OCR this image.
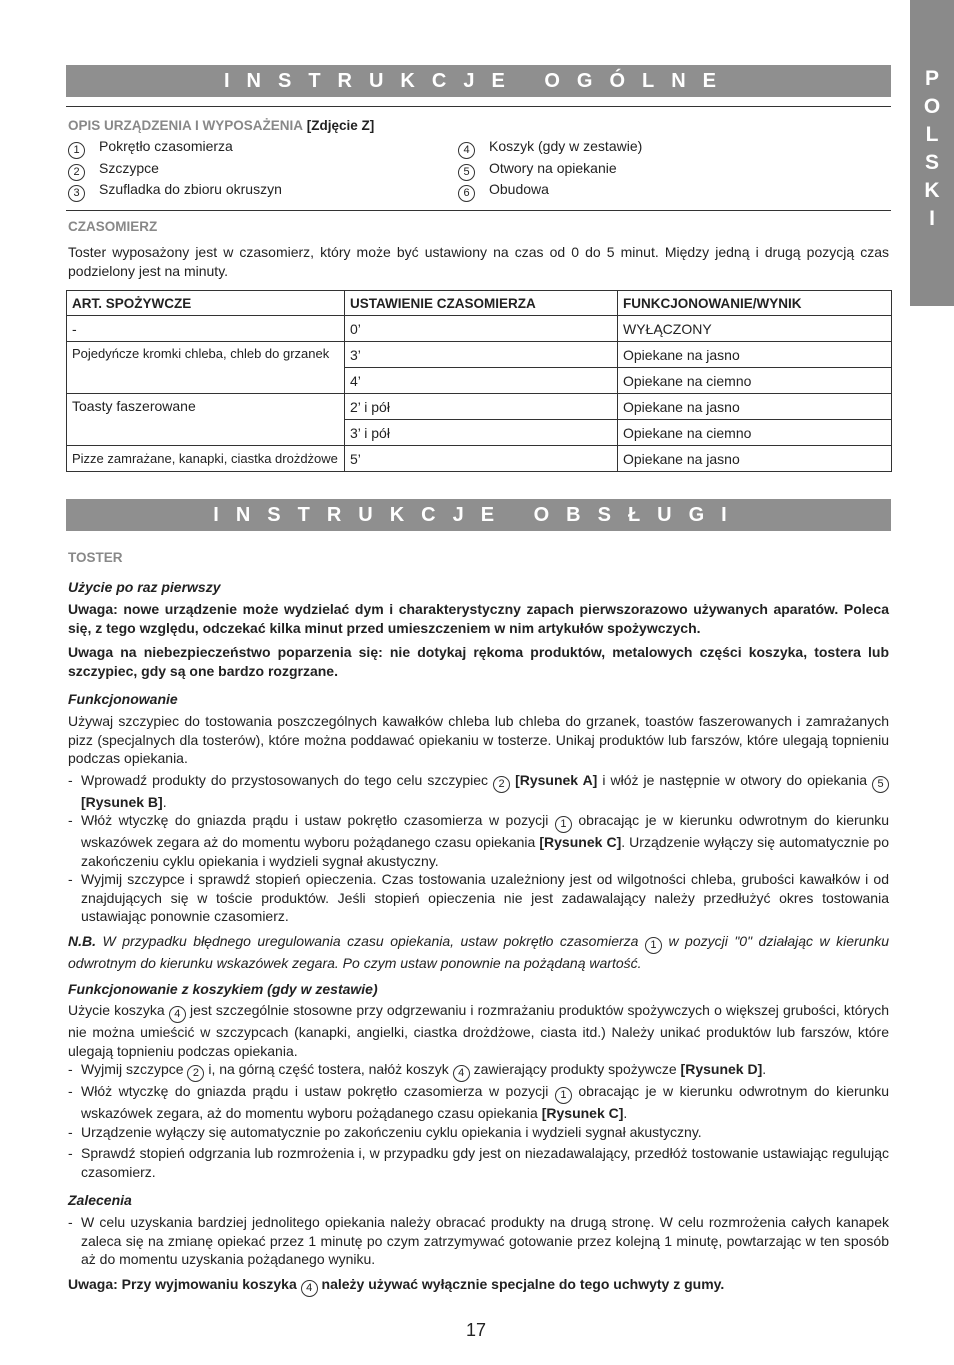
P
O
L
S
K
I
INSTRUKCJE OGÓLNE
OPIS URZĄDZENIA I WYPOSAŻENIA [Zdjęcie Z]
1 Pokrętło czasomierza
2 Szczypce
3 Szufladka do zbioru okruszyn
4 Koszyk (gdy w zestawie)
5 Otwory na opiekanie
6 Obudowa
CZASOMIERZ
Toster wyposażony jest w czasomierz, który może być ustawiony na czas od 0 do 5 minut. Między jedną i drugą pozycją czas podzielony jest na minuty.
ART. SPOŻYWCZE	USTAWIENIE CZASOMIERZA	FUNKCJONOWANIE/WYNIK
-	0’	WYŁĄCZONY
Pojedyńcze kromki chleba, chleb do grzanek	3’	Opiekane na jasno
	4’	Opiekane na ciemno
Toasty faszerowane	2’ i pół	Opiekane na jasno
	3’ i pół	Opiekane na ciemno
Pizze zamrażane, kanapki, ciastka drożdżowe	5’	Opiekane na jasno
INSTRUKCJE OBSŁUGI
TOSTER
Użycie po raz pierwszy
Uwaga: nowe urządzenie może wydzielać dym i charakterystyczny zapach pierwszorazowo używanych aparatów. Poleca się, z tego względu, odczekać kilka minut przed umieszczeniem w nim artykułów spożywczych.
Uwaga na niebezpieczeństwo poparzenia się: nie dotykaj rękoma produktów, metalowych części koszyka, tostera lub szczypiec, gdy są one bardzo rozgrzane.
Funkcjonowanie
Używaj szczypiec do tostowania poszczególnych kawałków chleba lub chleba do grzanek, toastów faszerowanych i zamrażanych pizz (specjalnych dla tosterów), które można poddawać opiekaniu w tosterze. Unikaj produktów lub farszów, które ulegają topnieniu podczas opiekania.
- Wprowadź produkty do przystosowanych do tego celu szczypiec 2 [Rysunek A] i włóż je następnie w otwory do opiekania 5 [Rysunek B].
- Włóż wtyczkę do gniazda prądu i ustaw pokrętło czasomierza w pozycji 1 obracając je w kierunku odwrotnym do kierunku wskazówek zegara aż do momentu wyboru pożądanego czasu opiekania [Rysunek C]. Urządzenie wyłączy się automatycznie po zakończeniu cyklu opiekania i wydzieli sygnał akustyczny.
- Wyjmij szczypce i sprawdź stopień opieczenia. Czas tostowania uzależniony jest od wilgotności chleba, grubości kawałków i od znajdujących się w toście produktów. Jeśli stopień opieczenia nie jest zadawalający należy przedłużyć okres tostowania ustawiając ponownie czasomierz.
N.B. W przypadku błędnego uregulowania czasu opiekania, ustaw pokrętło czasomierza 1 w pozycji "0" działając w kierunku odwrotnym do kierunku wskazówek zegara. Po czym ustaw ponownie na pożądaną wartość.
Funkcjonowanie z koszykiem (gdy w zestawie)
Użycie koszyka 4 jest szczególnie stosowne przy odgrzewaniu i rozmrażaniu produktów spożywczych o większej grubości, których nie można umieścić w szczypcach (kanapki, angielki, ciastka drożdżowe, ciasta itd.) Należy unikać produktów lub farszów, które ulegają topnieniu podczas opiekania.
- Wyjmij szczypce 2 i, na górną część tostera, nałóż koszyk 4 zawierający produkty spożywcze [Rysunek D].
- Włóż wtyczkę do gniazda prądu i ustaw pokrętło czasomierza w pozycji 1 obracając je w kierunku odwrotnym do kierunku wskazówek zegara, aż do momentu wyboru pożądanego czasu opiekania [Rysunek C].
- Urządzenie wyłączy się automatycznie po zakończeniu cyklu opiekania i wydzieli sygnał akustyczny.
- Sprawdź stopień odgrzania lub rozmrożenia i, w przypadku gdy jest on niezadawalający, przedłóż tostowanie ustawiając regulując czasomierz.
Zalecenia
- W celu uzyskania bardziej jednolitego opiekania należy obracać produkty na drugą stronę. W celu rozmrożenia całych kanapek zaleca się na zmianę opiekać przez 1 minutę po czym zatrzymywać gotowanie przez kolejną 1 minutę, powtarzając w ten sposób aż do momentu uzyskania pożądanego wyniku.
Uwaga: Przy wyjmowaniu koszyka 4 należy używać wyłącznie specjalne do tego uchwyty z gumy.
17
